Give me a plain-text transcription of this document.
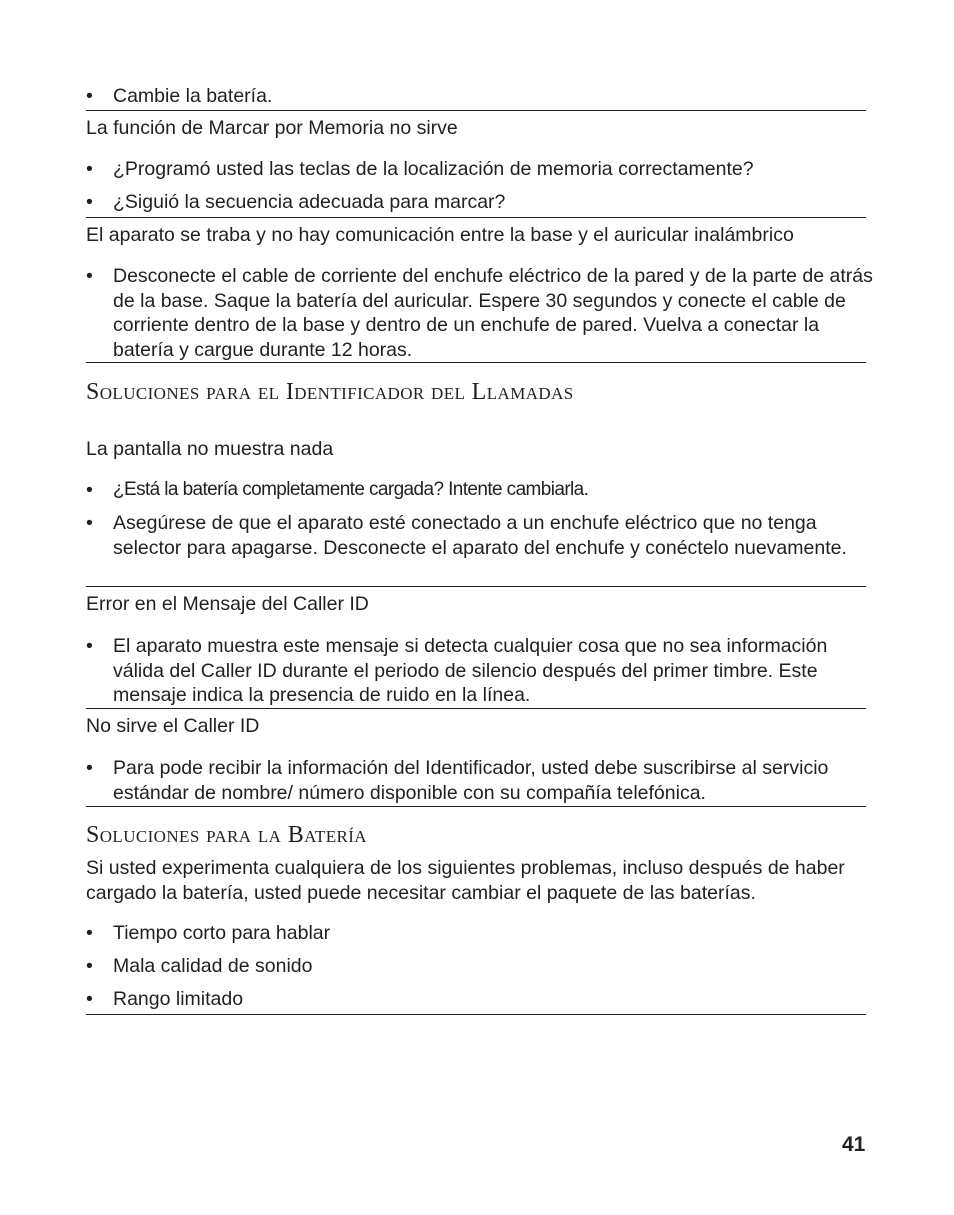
• Cambie la batería.
La función de Marcar por Memoria no sirve
• ¿Programó usted las teclas de la localización de memoria correctamente?
• ¿Siguió la secuencia adecuada para marcar?
El aparato se traba y no hay comunicación entre la base y el auricular inalámbrico
• Desconecte el cable de corriente del enchufe eléctrico de la pared y de la parte de atrás de la base. Saque la batería del auricular. Espere 30 segundos y conecte el cable de corriente dentro de la base y dentro de un enchufe de pared. Vuelva a conectar la batería y cargue durante 12 horas.
Soluciones para el Identificador del Llamadas
La pantalla no muestra nada
• ¿Está la batería completamente cargada? Intente cambiarla.
• Asegúrese de que el aparato esté conectado a un enchufe eléctrico que no tenga selector para apagarse. Desconecte el aparato del enchufe y conéctelo nuevamente.
Error en el Mensaje del Caller ID
• El aparato muestra este mensaje si detecta cualquier cosa que no sea información válida del Caller ID durante el periodo de silencio después del primer timbre. Este mensaje indica la presencia de ruido en la línea.
No sirve el Caller ID
• Para pode recibir la información del Identificador, usted debe suscribirse al servicio estándar de nombre/ número disponible con su compañía telefónica.
Soluciones para la Batería
Si usted experimenta cualquiera de los siguientes problemas, incluso después de haber cargado la batería, usted puede necesitar cambiar el paquete de las baterías.
• Tiempo corto para hablar
• Mala calidad de sonido
• Rango limitado
41
